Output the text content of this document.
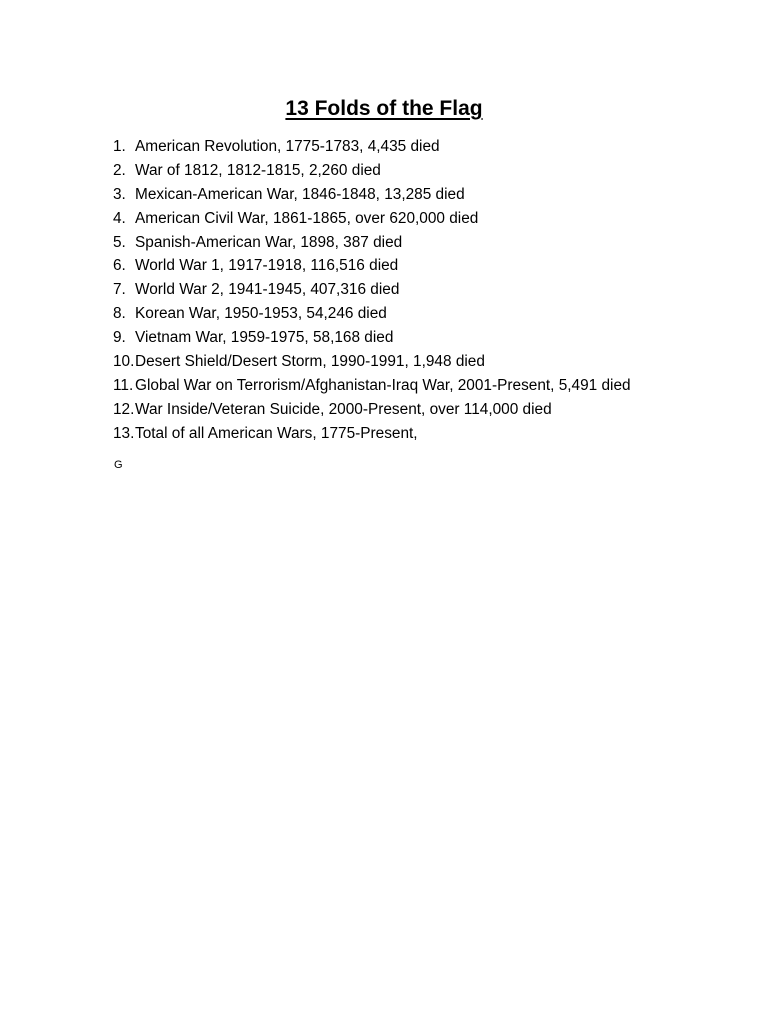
13 Folds of the Flag
1. American Revolution, 1775-1783, 4,435 died
2. War of 1812, 1812-1815, 2,260 died
3. Mexican-American War, 1846-1848, 13,285 died
4. American Civil War, 1861-1865, over 620,000 died
5. Spanish-American War, 1898, 387 died
6. World War 1, 1917-1918, 116,516 died
7. World War 2, 1941-1945, 407,316 died
8. Korean War, 1950-1953, 54,246 died
9. Vietnam War, 1959-1975, 58,168 died
10.Desert Shield/Desert Storm, 1990-1991, 1,948 died
11. Global War on Terrorism/Afghanistan-Iraq War, 2001-Present, 5,491 died
12.War Inside/Veteran Suicide, 2000-Present, over 114,000 died
13.Total of all American Wars, 1775-Present,
G
